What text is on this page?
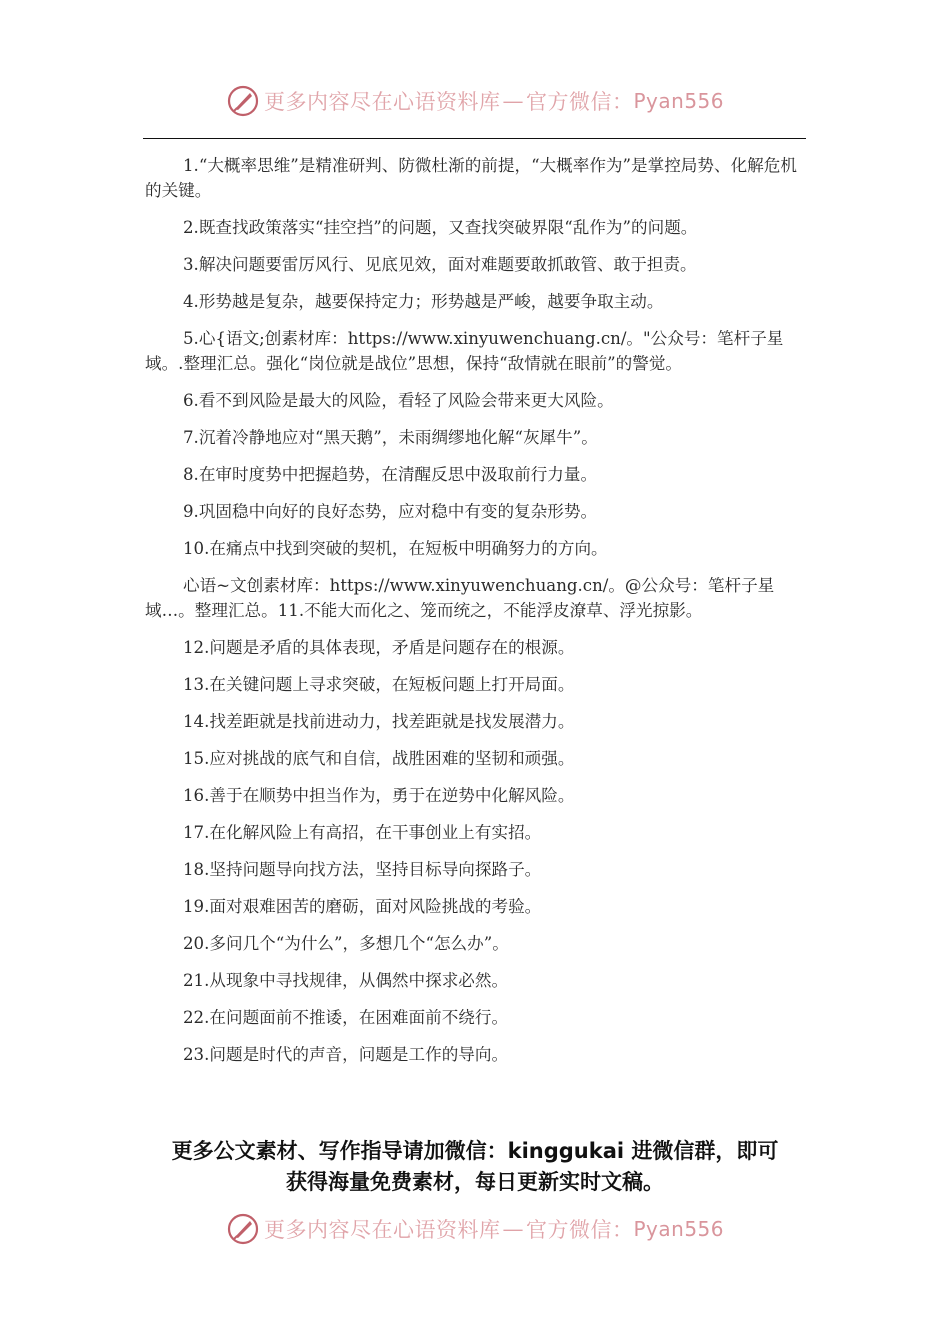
更多内容尽在心语资料库 — 官方微信： Pyan556

1.“大概率思维”是精准研判、防微杜渐的前提，“大概率作为”是掌控局势、化解危机的关键。

2.既查找政策落实“挂空挡”的问题，又查找突破界限“乱作为”的问题。

3.解决问题要雷厉风行、见底见效，面对难题要敢抓敢管、敢于担责。

4.形势越是复杂，越要保持定力；形势越是严峻，越要争取主动。

5.心{语文;创素材库：https://www.xinyuwenchuang.cn/。"公众号：笔杆子星域。.整理汇总。强化“岗位就是战位”思想，保持“敌情就在眼前”的警觉。

6.看不到风险是最大的风险，看轻了风险会带来更大风险。

7.沉着冷静地应对“黑天鹅”，未雨绸缪地化解“灰犀牛”。

8.在审时度势中把握趋势，在清醒反思中汲取前行力量。

9.巩固稳中向好的良好态势，应对稳中有变的复杂形势。

10.在痛点中找到突破的契机，在短板中明确努力的方向。

心语~文创素材库：https://www.xinyuwenchuang.cn/。@公众号：笔杆子星域…。整理汇总。11.不能大而化之、笼而统之，不能浮皮潦草、浮光掠影。

12.问题是矛盾的具体表现，矛盾是问题存在的根源。

13.在关键问题上寻求突破，在短板问题上打开局面。

14.找差距就是找前进动力，找差距就是找发展潜力。

15.应对挑战的底气和自信，战胜困难的坚韧和顽强。

16.善于在顺势中担当作为，勇于在逆势中化解风险。

17.在化解风险上有高招，在干事创业上有实招。

18.坚持问题导向找方法，坚持目标导向探路子。

19.面对艰难困苦的磨砺，面对风险挑战的考验。

20.多问几个“为什么”，多想几个“怎么办”。

21.从现象中寻找规律，从偶然中探求必然。

22.在问题面前不推诿，在困难面前不绕行。

23.问题是时代的声音，问题是工作的导向。

更多公文素材、写作指导请加微信：kinggukai 进微信群，即可
获得海量免费素材，每日更新实时文稿。
更多内容尽在心语资料库 — 官方微信： Pyan556
